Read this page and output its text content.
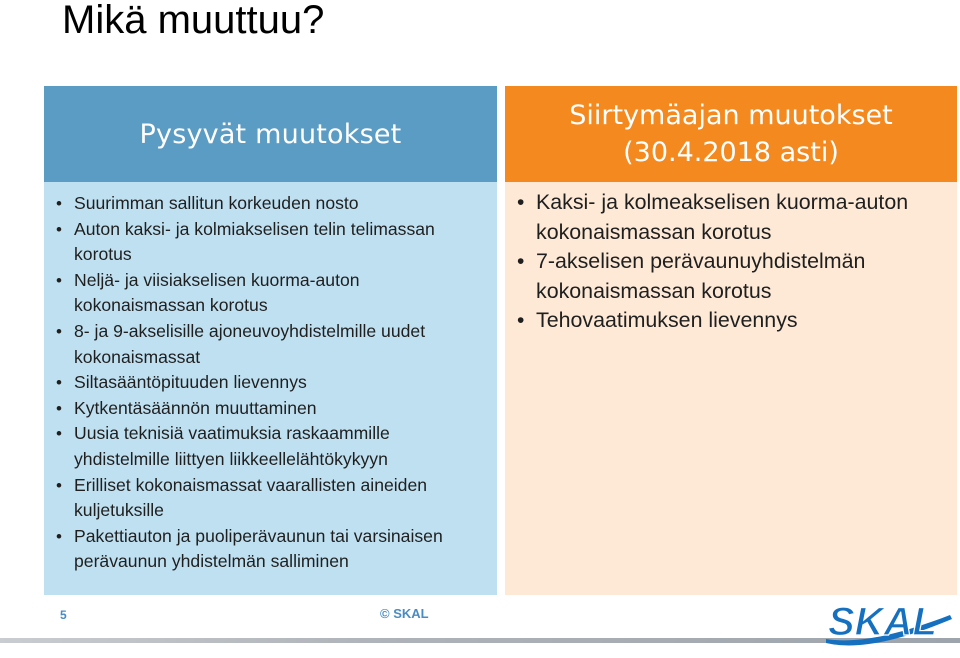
Mikä muuttuu?
Pysyvät muutokset
• Suurimman sallitun korkeuden nosto
• Auton kaksi- ja kolmiakselisen telin telimassan korotus
• Neljä- ja viisiakselisen kuorma-auton kokonaismassan korotus
• 8- ja 9-akselisille ajoneuvoyhdistelmille uudet kokonaismassat
• Siltasääntöpituuden lievennys
• Kytkentäsäännön muuttaminen
• Uusia teknisiä vaatimuksia raskaammille yhdistelmille liittyen liikkeellelähtökykyyn
• Erilliset kokonaismassat vaarallisten aineiden kuljetuksille
• Pakettiauton ja puoliperävaunun tai varsinaisen perävaunun yhdistelmän salliminen
Siirtymäajan muutokset
(30.4.2018 asti)
• Kaksi- ja kolmeakselisen kuorma-auton kokonaismassan korotus
• 7-akselisen perävaunuyhdistelmän kokonaismassan korotus
• Tehovaatimuksen lievennys
5	© SKAL	SKAL
